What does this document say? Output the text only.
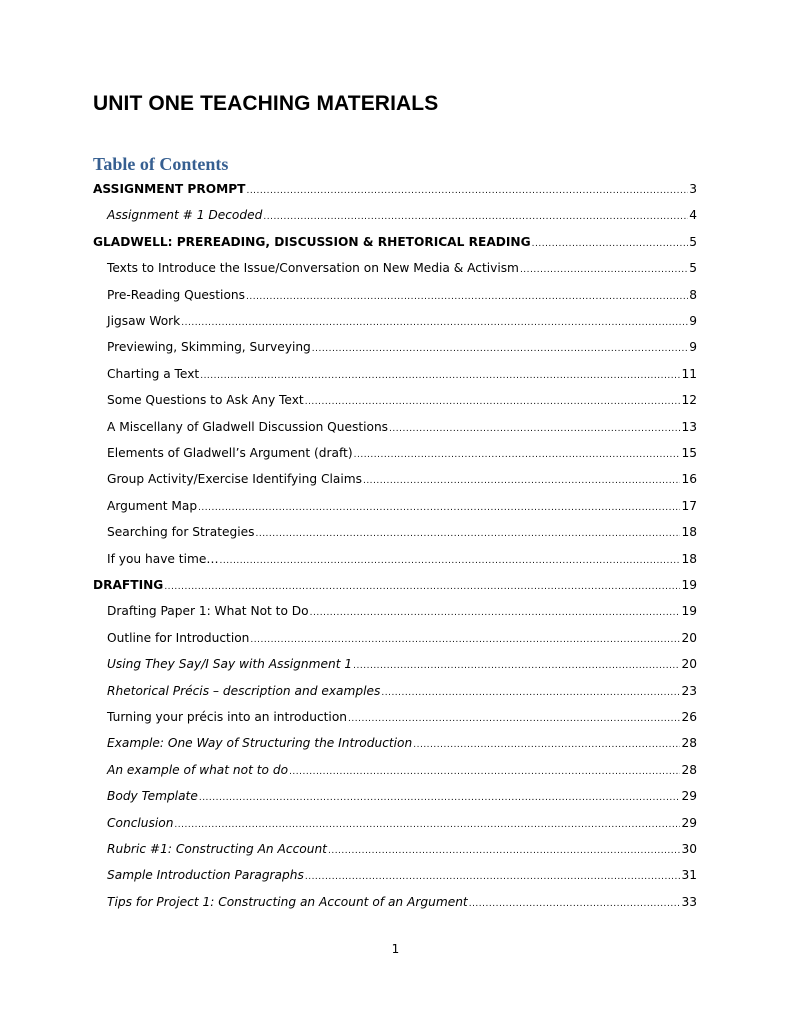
UNIT ONE TEACHING MATERIALS
Table of Contents
ASSIGNMENT PROMPT .....	3
Assignment # 1 Decoded .....	4
GLADWELL: PREREADING, DISCUSSION & RHETORICAL READING .....	5
Texts to Introduce the Issue/Conversation on New Media & Activism .....	5
Pre-Reading Questions .....	8
Jigsaw Work .....	9
Previewing, Skimming, Surveying .....	9
Charting a Text .....	11
Some Questions to Ask Any Text .....	12
A Miscellany of Gladwell Discussion Questions .....	13
Elements of Gladwell’s Argument (draft) .....	15
Group Activity/Exercise Identifying Claims .....	16
Argument Map .....	17
Searching for Strategies .....	18
If you have time… .....	18
DRAFTING .....	19
Drafting Paper 1: What Not to Do .....	19
Outline for Introduction .....	20
Using They Say/I Say with Assignment 1 .....	20
Rhetorical Précis – description and examples .....	23
Turning your précis into an introduction .....	26
Example: One Way of Structuring the Introduction .....	28
An example of what not to do .....	28
Body Template .....	29
Conclusion .....	29
Rubric #1: Constructing An Account .....	30
Sample Introduction Paragraphs .....	31
Tips for Project 1: Constructing an Account of an Argument .....	33
1
